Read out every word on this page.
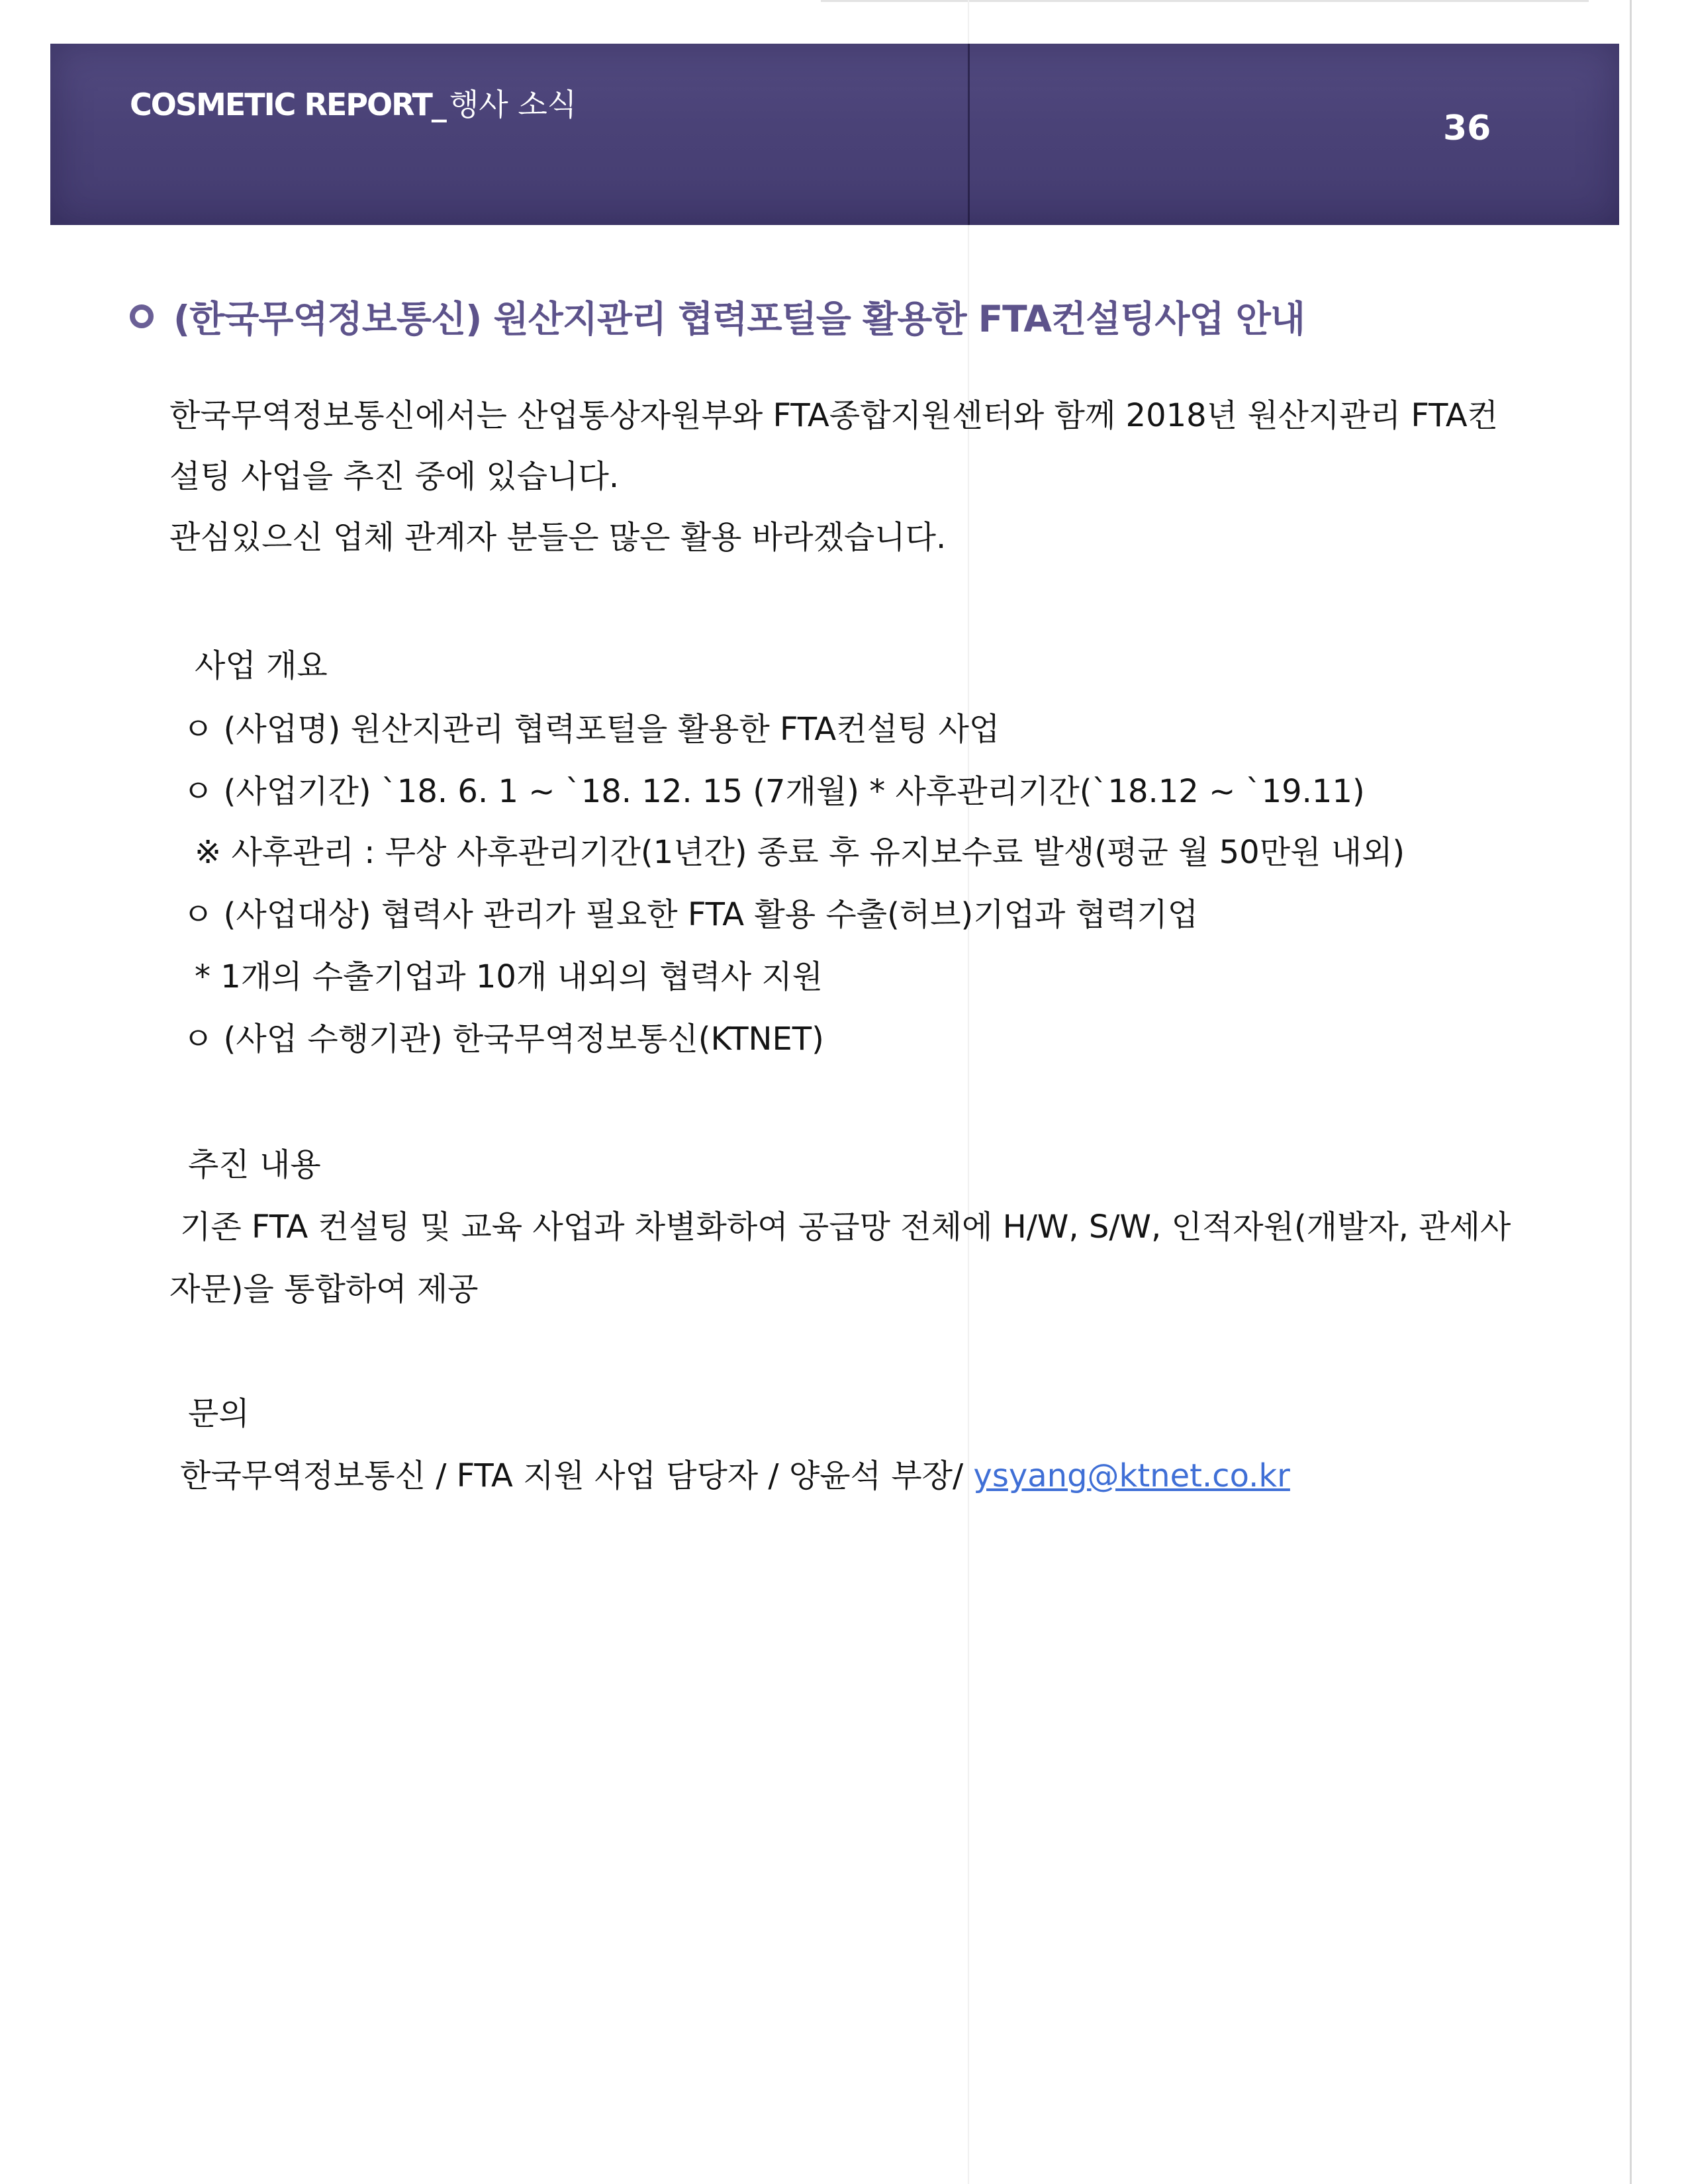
COSMETIC REPORT_ 행사 소식
36
(한국무역정보통신) 원산지관리 협력포털을 활용한 FTA컨설팅사업 안내
한국무역정보통신에서는 산업통상자원부와 FTA종합지원센터와 함께 2018년 원산지관리 FTA컨
설팅 사업을 추진 중에 있습니다.
관심있으신 업체 관계자 분들은 많은 활용 바라겠습니다.
사업 개요
ㅇ (사업명) 원산지관리 협력포털을 활용한 FTA컨설팅 사업
ㅇ (사업기간) `18. 6. 1 ~ `18. 12. 15 (7개월) * 사후관리기간(`18.12 ~ `19.11)
※ 사후관리 : 무상 사후관리기간(1년간) 종료 후 유지보수료 발생(평균 월 50만원 내외)
ㅇ (사업대상) 협력사 관리가 필요한 FTA 활용 수출(허브)기업과 협력기업
* 1개의 수출기업과 10개 내외의 협력사 지원
ㅇ (사업 수행기관) 한국무역정보통신(KTNET)
추진 내용
기존 FTA 컨설팅 및 교육 사업과 차별화하여 공급망 전체에 H/W, S/W, 인적자원(개발자, 관세사
자문)을 통합하여 제공
문의
한국무역정보통신 / FTA 지원 사업 담당자 / 양윤석 부장/ ysyang@ktnet.co.kr
